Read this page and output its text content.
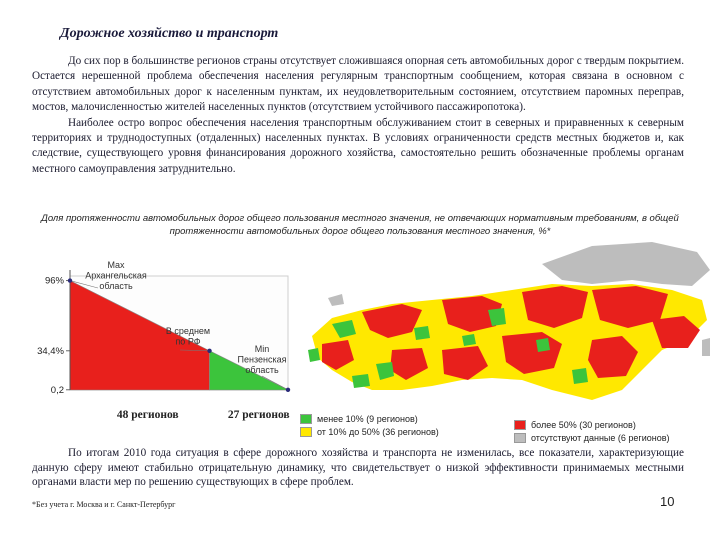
Дорожное хозяйство и транспорт

До сих пор в большинстве регионов страны отсутствует сложившаяся опорная сеть автомобильных дорог с твердым покрытием. Остается нерешенной проблема обеспечения населения регулярным транспортным сообщением, которая связана в основном с отсутствием автомобильных дорог к населенным пунктам, их неудовлетворительным состоянием, отсутствием паромных переправ, мостов, малочисленностью жителей населенных пунктов (отсутствием устойчивого пассажиропотока).

Наиболее остро вопрос обеспечения населения транспортным обслуживанием стоит в северных и приравненных к северным территориях и труднодоступных (отдаленных) населенных пунктах. В условиях ограниченности средств местных бюджетов и, как следствие, существующего уровня финансирования дорожного хозяйства, самостоятельно решить обозначенные проблемы органам местного самоуправления затруднительно.

Доля протяженности автомобильных дорог общего пользования местного значения, не отвечающих нормативным требованиям, в общей протяженности автомобильных дорог общего пользования местного значения, %*
96%
34,4%
0,2
Max Архангельская область
В среднем по РФ
Min Пензенская область
48 регионов	27 регионов	менее 10% (9 регионов)
от 10% до 50% (36 регионов)
более 50% (30 регионов)
отсутствуют данные (6 регионов)

По итогам 2010 года ситуация в сфере дорожного хозяйства и транспорта не изменилась, все показатели, характеризующие данную сферу имеют стабильно отрицательную динамику, что свидетельствует о низкой эффективности принимаемых местными органами власти мер по решению существующих в сфере проблем.

*Без учета г. Москва и г. Санкт-Петербург	10
